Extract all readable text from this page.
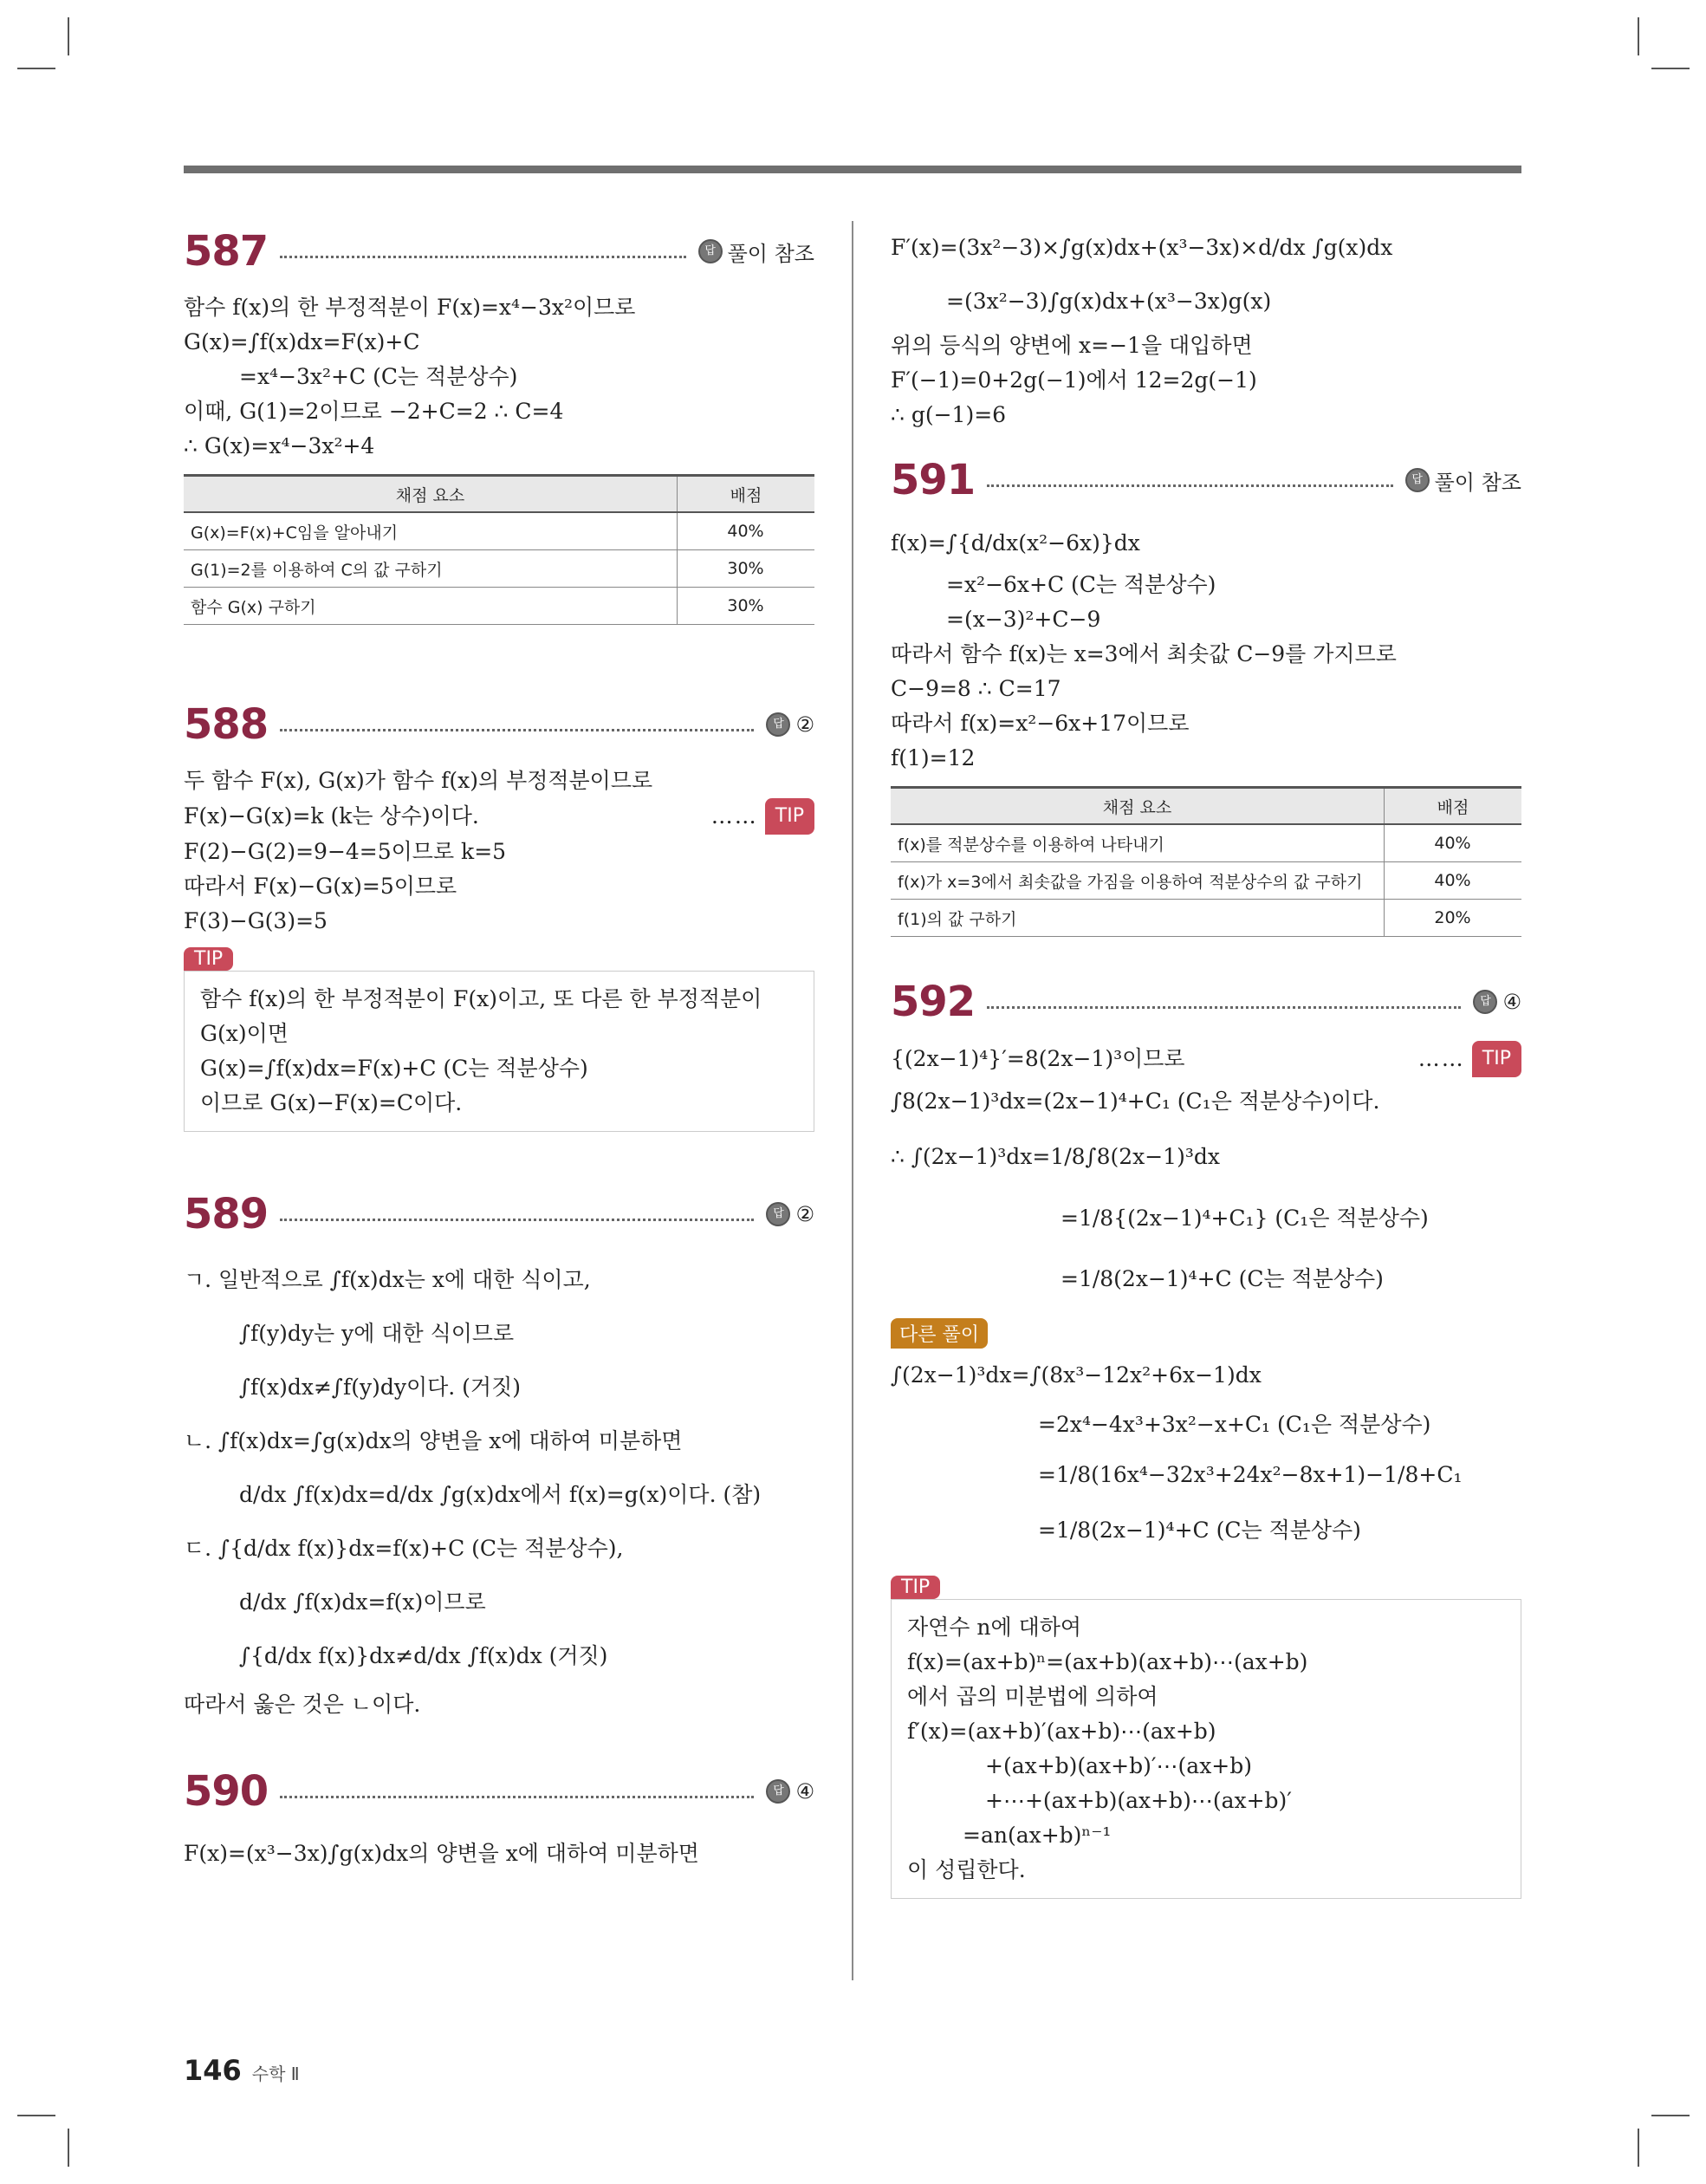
587	답 풀이 참조
함수 f(x)의 한 부정적분이 F(x)=x⁴−3x²이므로
G(x)=∫f(x)dx=F(x)+C
=x⁴−3x²+C (C는 적분상수)
이때, G(1)=2이므로 −2+C=2 ∴ C=4
∴ G(x)=x⁴−3x²+4
채점 요소	배점
G(x)=F(x)+C임을 알아내기	40%
G(1)=2를 이용하여 C의 값 구하기	30%
함수 G(x) 구하기	30%
588	답 ②
두 함수 F(x), G(x)가 함수 f(x)의 부정적분이므로
F(x)−G(x)=k (k는 상수)이다.	…… TIP
F(2)−G(2)=9−4=5이므로 k=5
따라서 F(x)−G(x)=5이므로
F(3)−G(3)=5
TIP
함수 f(x)의 한 부정적분이 F(x)이고, 또 다른 한 부정적분이
G(x)이면
G(x)=∫f(x)dx=F(x)+C (C는 적분상수)
이므로 G(x)−F(x)=C이다.
589	답 ②
ㄱ. 일반적으로 ∫f(x)dx는 x에 대한 식이고,
∫f(y)dy는 y에 대한 식이므로
∫f(x)dx≠∫f(y)dy이다. (거짓)
ㄴ. ∫f(x)dx=∫g(x)dx의 양변을 x에 대하여 미분하면
d/dx ∫f(x)dx=d/dx ∫g(x)dx에서 f(x)=g(x)이다. (참)
ㄷ. ∫{d/dx f(x)}dx=f(x)+C (C는 적분상수),
d/dx ∫f(x)dx=f(x)이므로
∫{d/dx f(x)}dx≠d/dx ∫f(x)dx (거짓)
따라서 옳은 것은 ㄴ이다.
590	답 ④
F(x)=(x³−3x)∫g(x)dx의 양변을 x에 대하여 미분하면
F′(x)=(3x²−3)×∫g(x)dx+(x³−3x)×d/dx ∫g(x)dx
=(3x²−3)∫g(x)dx+(x³−3x)g(x)
위의 등식의 양변에 x=−1을 대입하면
F′(−1)=0+2g(−1)에서 12=2g(−1)
∴ g(−1)=6
591	답 풀이 참조
f(x)=∫{d/dx(x²−6x)}dx
=x²−6x+C (C는 적분상수)
=(x−3)²+C−9
따라서 함수 f(x)는 x=3에서 최솟값 C−9를 가지므로
C−9=8 ∴ C=17
따라서 f(x)=x²−6x+17이므로
f(1)=12
채점 요소	배점
f(x)를 적분상수를 이용하여 나타내기	40%
f(x)가 x=3에서 최솟값을 가짐을 이용하여 적분상수의 값 구하기	40%
f(1)의 값 구하기	20%
592	답 ④
{(2x−1)⁴}′=8(2x−1)³이므로	…… TIP
∫8(2x−1)³dx=(2x−1)⁴+C₁ (C₁은 적분상수)이다.
∴ ∫(2x−1)³dx=1/8∫8(2x−1)³dx
=1/8{(2x−1)⁴+C₁} (C₁은 적분상수)
=1/8(2x−1)⁴+C (C는 적분상수)
다른 풀이
∫(2x−1)³dx=∫(8x³−12x²+6x−1)dx
=2x⁴−4x³+3x²−x+C₁ (C₁은 적분상수)
=1/8(16x⁴−32x³+24x²−8x+1)−1/8+C₁
=1/8(2x−1)⁴+C (C는 적분상수)
TIP
자연수 n에 대하여
f(x)=(ax+b)ⁿ=(ax+b)(ax+b)⋯(ax+b)
에서 곱의 미분법에 의하여
f′(x)=(ax+b)′(ax+b)⋯(ax+b)
+(ax+b)(ax+b)′⋯(ax+b)
+⋯+(ax+b)(ax+b)⋯(ax+b)′
=an(ax+b)ⁿ⁻¹
이 성립한다.
146 수학 Ⅱ
